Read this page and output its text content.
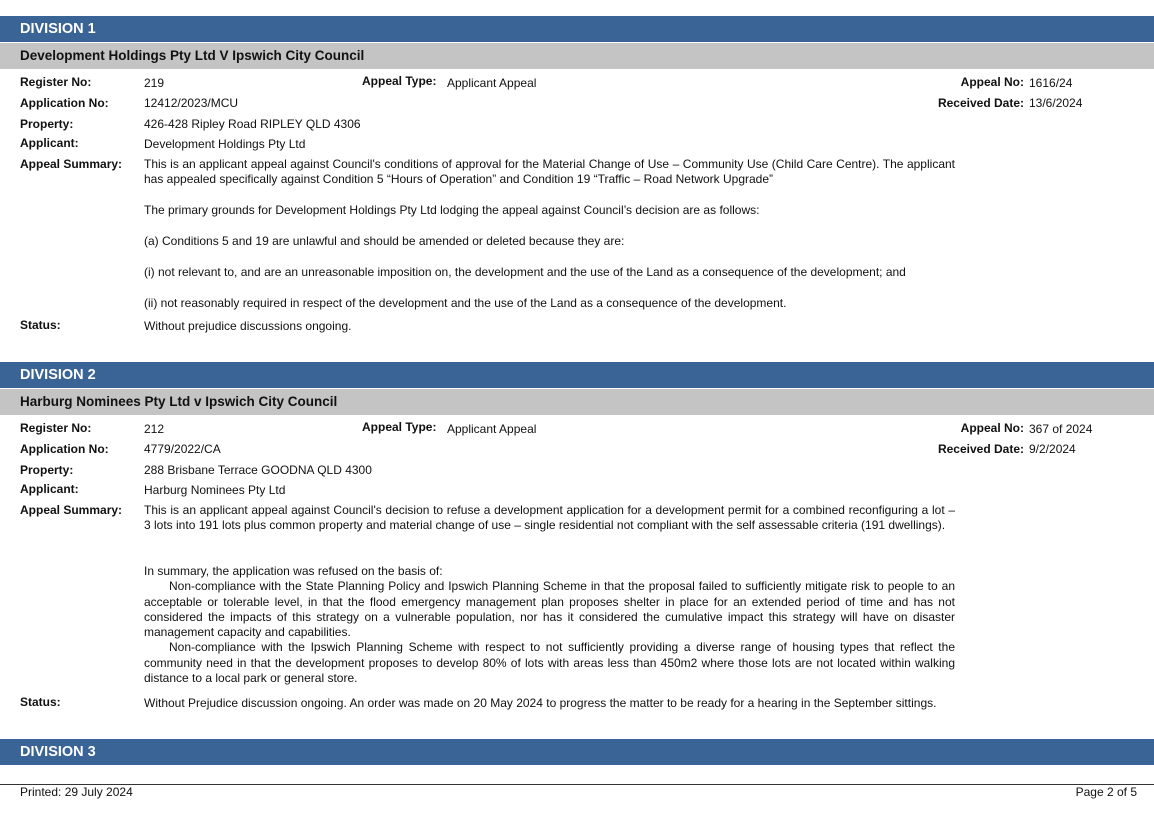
DIVISION 1
Development Holdings Pty Ltd V Ipswich City Council
Register No:	219	Appeal Type: Applicant Appeal	Appeal No: 1616/24
Application No:	12412/2023/MCU	Received Date: 13/6/2024
Property:	426-428 Ripley Road RIPLEY QLD 4306
Applicant:	Development Holdings Pty Ltd
Appeal Summary: This is an applicant appeal against Council's conditions of approval for the Material Change of Use – Community Use (Child Care Centre). The applicant has appealed specifically against Condition 5 “Hours of Operation” and Condition 19 “Traffic – Road Network Upgrade”

The primary grounds for Development Holdings Pty Ltd lodging the appeal against Council’s decision are as follows:
(a) Conditions 5 and 19 are unlawful and should be amended or deleted because they are:
(i) not relevant to, and are an unreasonable imposition on, the development and the use of the Land as a consequence of the development; and
(ii) not reasonably required in respect of the development and the use of the Land as a consequence of the development.
Status:	Without prejudice discussions ongoing.
DIVISION 2
Harburg Nominees Pty Ltd v Ipswich City Council
Register No:	212	Appeal Type: Applicant Appeal	Appeal No: 367 of 2024
Application No:	4779/2022/CA	Received Date: 9/2/2024
Property:	288 Brisbane Terrace GOODNA QLD 4300
Applicant:	Harburg Nominees Pty Ltd
Appeal Summary: This is an applicant appeal against Council's decision to refuse a development application for a development permit for a combined reconfiguring a lot – 3 lots into 191 lots plus common property and material change of use – single residential not compliant with the self assessable criteria (191 dwellings).

In summary, the application was refused on the basis of:

Non-compliance with the State Planning Policy and Ipswich Planning Scheme in that the proposal failed to sufficiently mitigate risk to people to an acceptable or tolerable level, in that the flood emergency management plan proposes shelter in place for an extended period of time and has not considered the impacts of this strategy on a vulnerable population, nor has it considered the cumulative impact this strategy will have on disaster management capacity and capabilities.

Non-compliance with the Ipswich Planning Scheme with respect to not sufficiently providing a diverse range of housing types that reflect the community need in that the development proposes to develop 80% of lots with areas less than 450m2 where those lots are not located within walking distance to a local park or general store.

Status:	Without Prejudice discussion ongoing. An order was made on 20 May 2024 to progress the matter to be ready for a hearing in the September sittings.
DIVISION 3
Printed: 29 July 2024	Page 2 of 5
